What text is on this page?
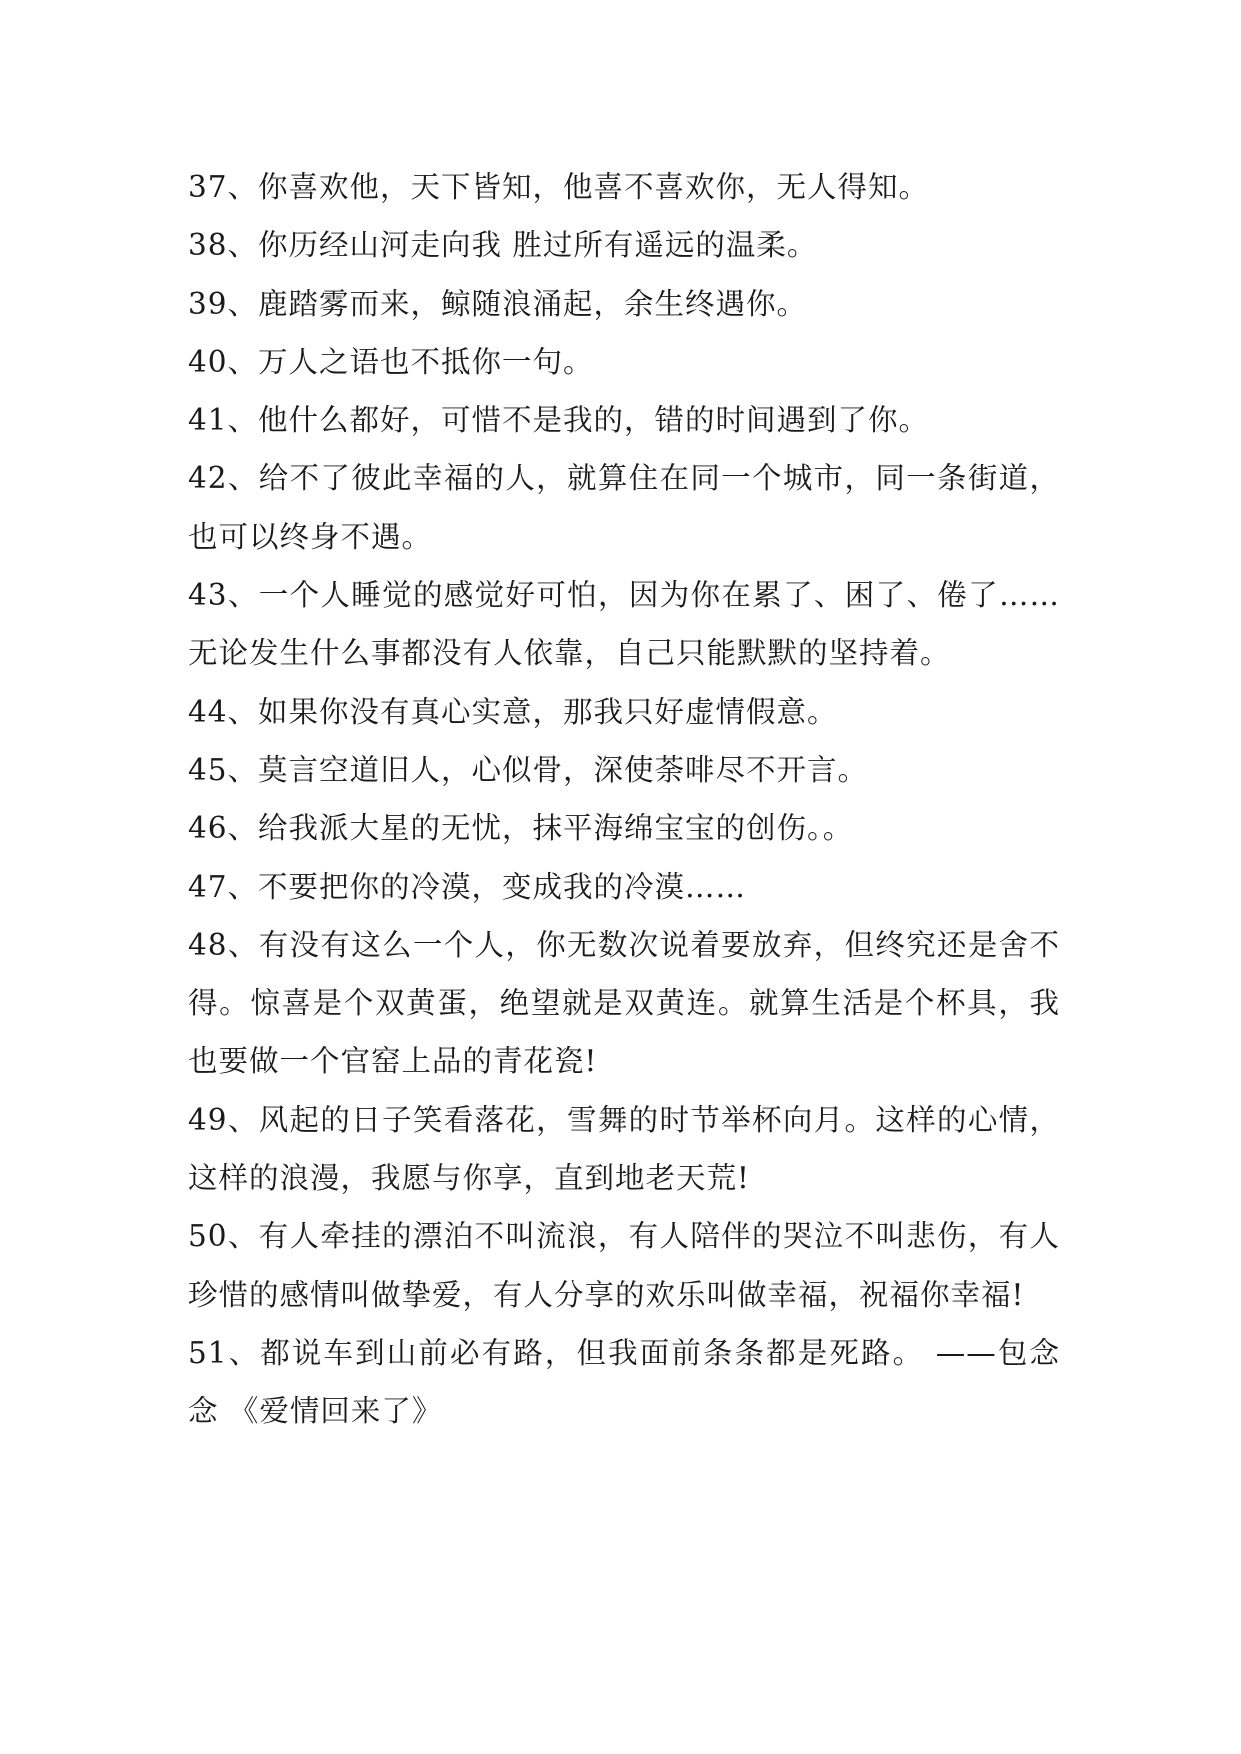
37、你喜欢他，天下皆知，他喜不喜欢你，无人得知。

38、你历经山河走向我 胜过所有遥远的温柔。

39、鹿踏雾而来，鲸随浪涌起，余生终遇你。

40、万人之语也不抵你一句。

41、他什么都好，可惜不是我的，错的时间遇到了你。

42、给不了彼此幸福的人，就算住在同一个城市，同一条街道，也可以终身不遇。

43、一个人睡觉的感觉好可怕，因为你在累了、困了、倦了……无论发生什么事都没有人依靠，自己只能默默的坚持着。

44、如果你没有真心实意，那我只好虚情假意。

45、莫言空道旧人，心似骨，深使荼啡尽不开言。

46、给我派大星的无忧，抹平海绵宝宝的创伤。。

47、不要把你的冷漠，变成我的冷漠……

48、有没有这么一个人，你无数次说着要放弃，但终究还是舍不得。惊喜是个双黄蛋，绝望就是双黄连。就算生活是个杯具，我也要做一个官窑上品的青花瓷!

49、风起的日子笑看落花，雪舞的时节举杯向月。这样的心情，这样的浪漫，我愿与你享，直到地老天荒!

50、有人牵挂的漂泊不叫流浪，有人陪伴的哭泣不叫悲伤，有人珍惜的感情叫做挚爱，有人分享的欢乐叫做幸福，祝福你幸福!

51、都说车到山前必有路，但我面前条条都是死路。 ——包念念 《爱情回来了》
